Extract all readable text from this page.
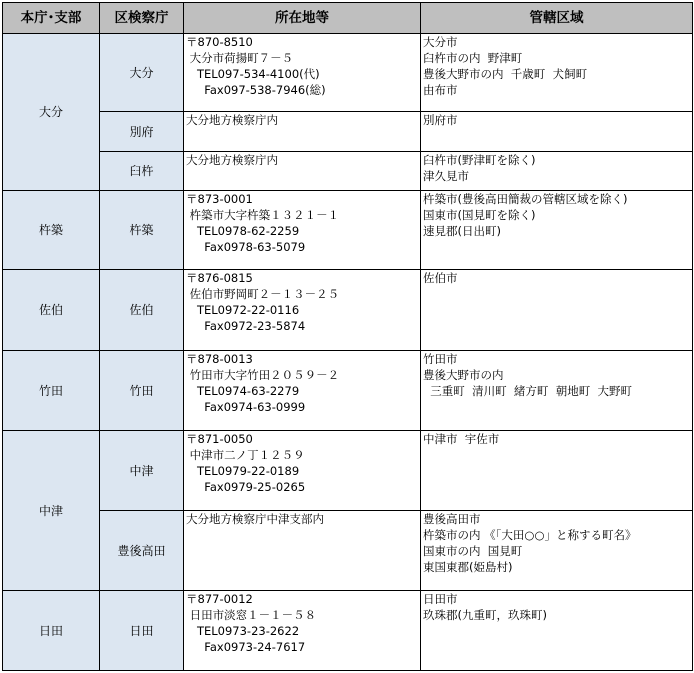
本庁･支部	区検察庁	所在地等	管轄区域
大分	大分	〒870-8510
大分市荷揚町７－５
TEL097-534-4100(代)
Fax097-538-7946(総)	大分市
臼杵市の内  野津町
豊後大野市の内  千歳町  犬飼町
由布市
	別府	大分地方検察庁内	別府市
	臼杵	大分地方検察庁内	臼杵市(野津町を除く)
津久見市
杵築	杵築	〒873-0001
杵築市大字杵築１３２１－１
TEL0978-62-2259
Fax0978-63-5079	杵築市(豊後高田簡裁の管轄区域を除く)
国東市(国見町を除く)
速見郡(日出町)
佐伯	佐伯	〒876-0815
佐伯市野岡町２－１３－２５
TEL0972-22-0116
Fax0972-23-5874	佐伯市
竹田	竹田	〒878-0013
竹田市大字竹田２０５９－２
TEL0974-63-2279
Fax0974-63-0999	竹田市
豊後大野市の内
三重町  清川町  緒方町  朝地町  大野町
中津	中津	〒871-0050
中津市二ノ丁１２５９
TEL0979-22-0189
Fax0979-25-0265	中津市  宇佐市
	豊後高田	大分地方検察庁中津支部内	豊後高田市
杵築市の内 《「大田○○」と称する町名》
国東市の内  国見町
東国東郡(姫島村)
日田	日田	〒877-0012
日田市淡窓１－１－５８
TEL0973-23-2622
Fax0973-24-7617	日田市
玖珠郡(九重町，玖珠町)
